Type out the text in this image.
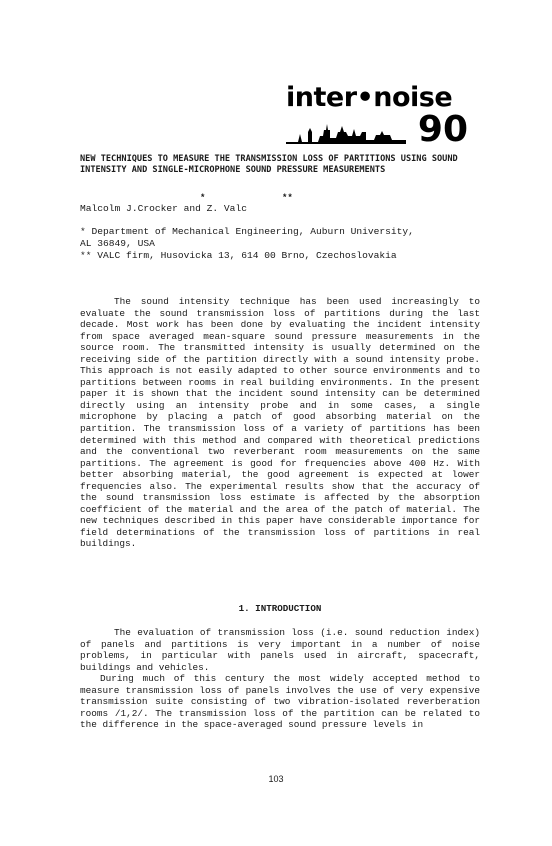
inter•noise
90
NEW TECHNIQUES TO MEASURE THE TRANSMISSION LOSS OF PARTITIONS USING SOUND INTENSITY AND SINGLE-MICROPHONE SOUND PRESSURE MEASUREMENTS
*	**
Malcolm J.Crocker and Z. Valc

* Department of Mechanical Engineering, Auburn University,

AL 36849, USA

** VALC firm, Husovicka 13, 614 00 Brno, Czechoslovakia

The sound intensity technique has been used increasingly to evaluate the sound transmission loss of partitions during the last decade. Most work has been done by evaluating the incident intensity from space averaged mean-square sound pressure measurements in the source room. The transmitted intensity is usually determined on the receiving side of the partition directly with a sound intensity probe. This approach is not easily adapted to other source environments and to partitions between rooms in real building environments. In the present paper it is shown that the incident sound intensity can be determined directly using an intensity probe and in some cases, a single microphone by placing a patch of good absorbing material on the partition. The transmission loss of a variety of partitions has been determined with this method and compared with theoretical predictions and the conventional two reverberant room measurements on the same partitions. The agreement is good for frequencies above 400 Hz. With better absorbing material, the good agreement is expected at lower frequencies also. The experimental results show that the accuracy of the sound transmission loss estimate is affected by the absorption coefficient of the material and the area of the patch of material. The new techniques described in this paper have considerable importance for field determinations of the transmission loss of partitions in real buildings.

1. INTRODUCTION

The evaluation of transmission loss (i.e. sound reduction index) of panels and partitions is very important in a number of noise problems, in particular with panels used in aircraft, spacecraft, buildings and vehicles.

During much of this century the most widely accepted method to measure transmission loss of panels involves the use of very expensive transmission suite consisting of two vibration-isolated reverberation rooms /1,2/. The transmission loss of the partition can be related to the difference in the space-averaged sound pressure levels in

103
